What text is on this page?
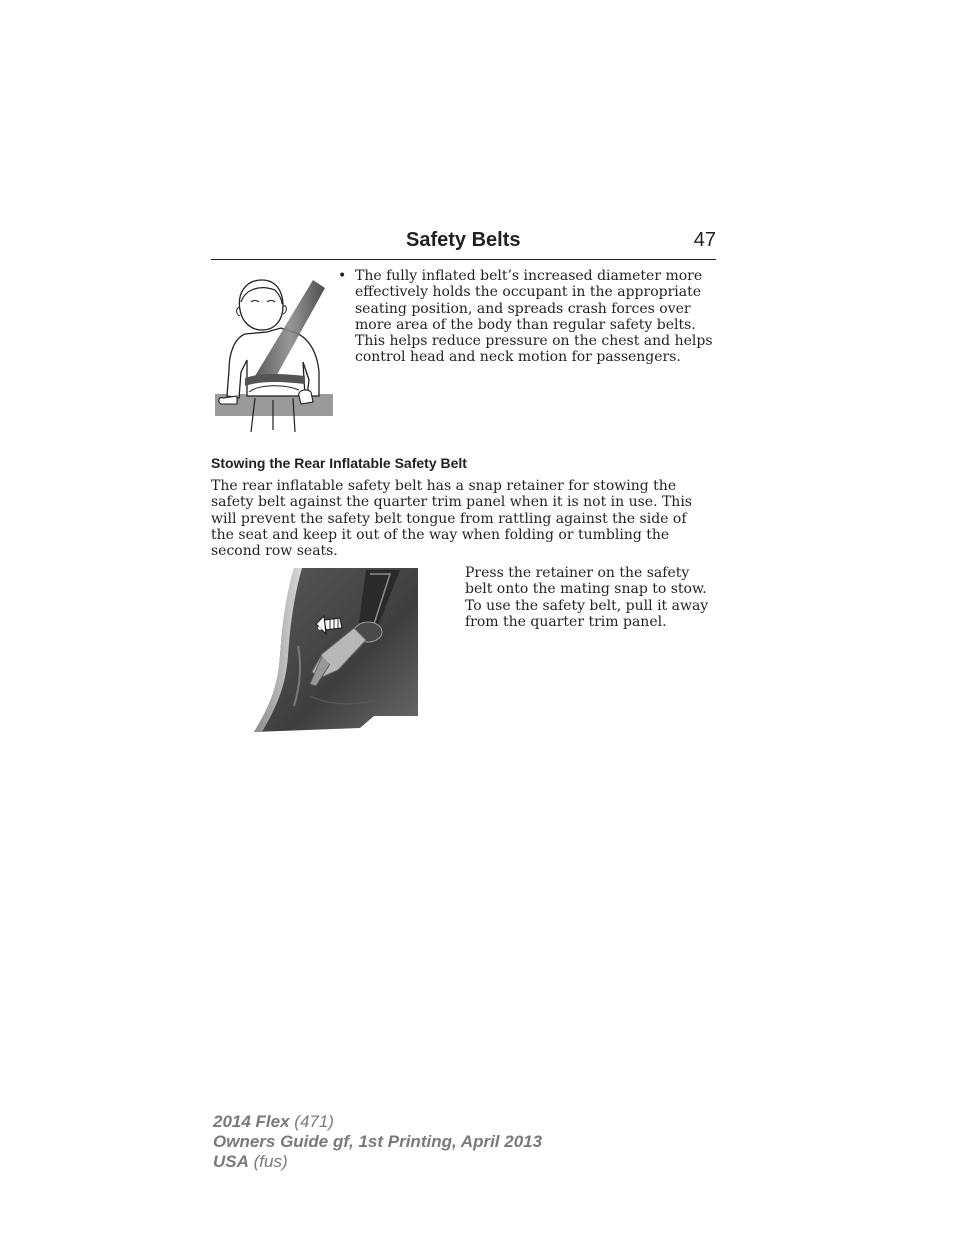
Safety Belts	47
• The fully inflated belt’s increased diameter more effectively holds the occupant in the appropriate seating position, and spreads crash forces over more area of the body than regular safety belts. This helps reduce pressure on the chest and helps control head and neck motion for passengers.
Stowing the Rear Inflatable Safety Belt
The rear inflatable safety belt has a snap retainer for stowing the safety belt against the quarter trim panel when it is not in use. This will prevent the safety belt tongue from rattling against the side of the seat and keep it out of the way when folding or tumbling the second row seats.
Press the retainer on the safety belt onto the mating snap to stow. To use the safety belt, pull it away from the quarter trim panel.
2014 Flex (471)
Owners Guide gf, 1st Printing, April 2013
USA (fus)
